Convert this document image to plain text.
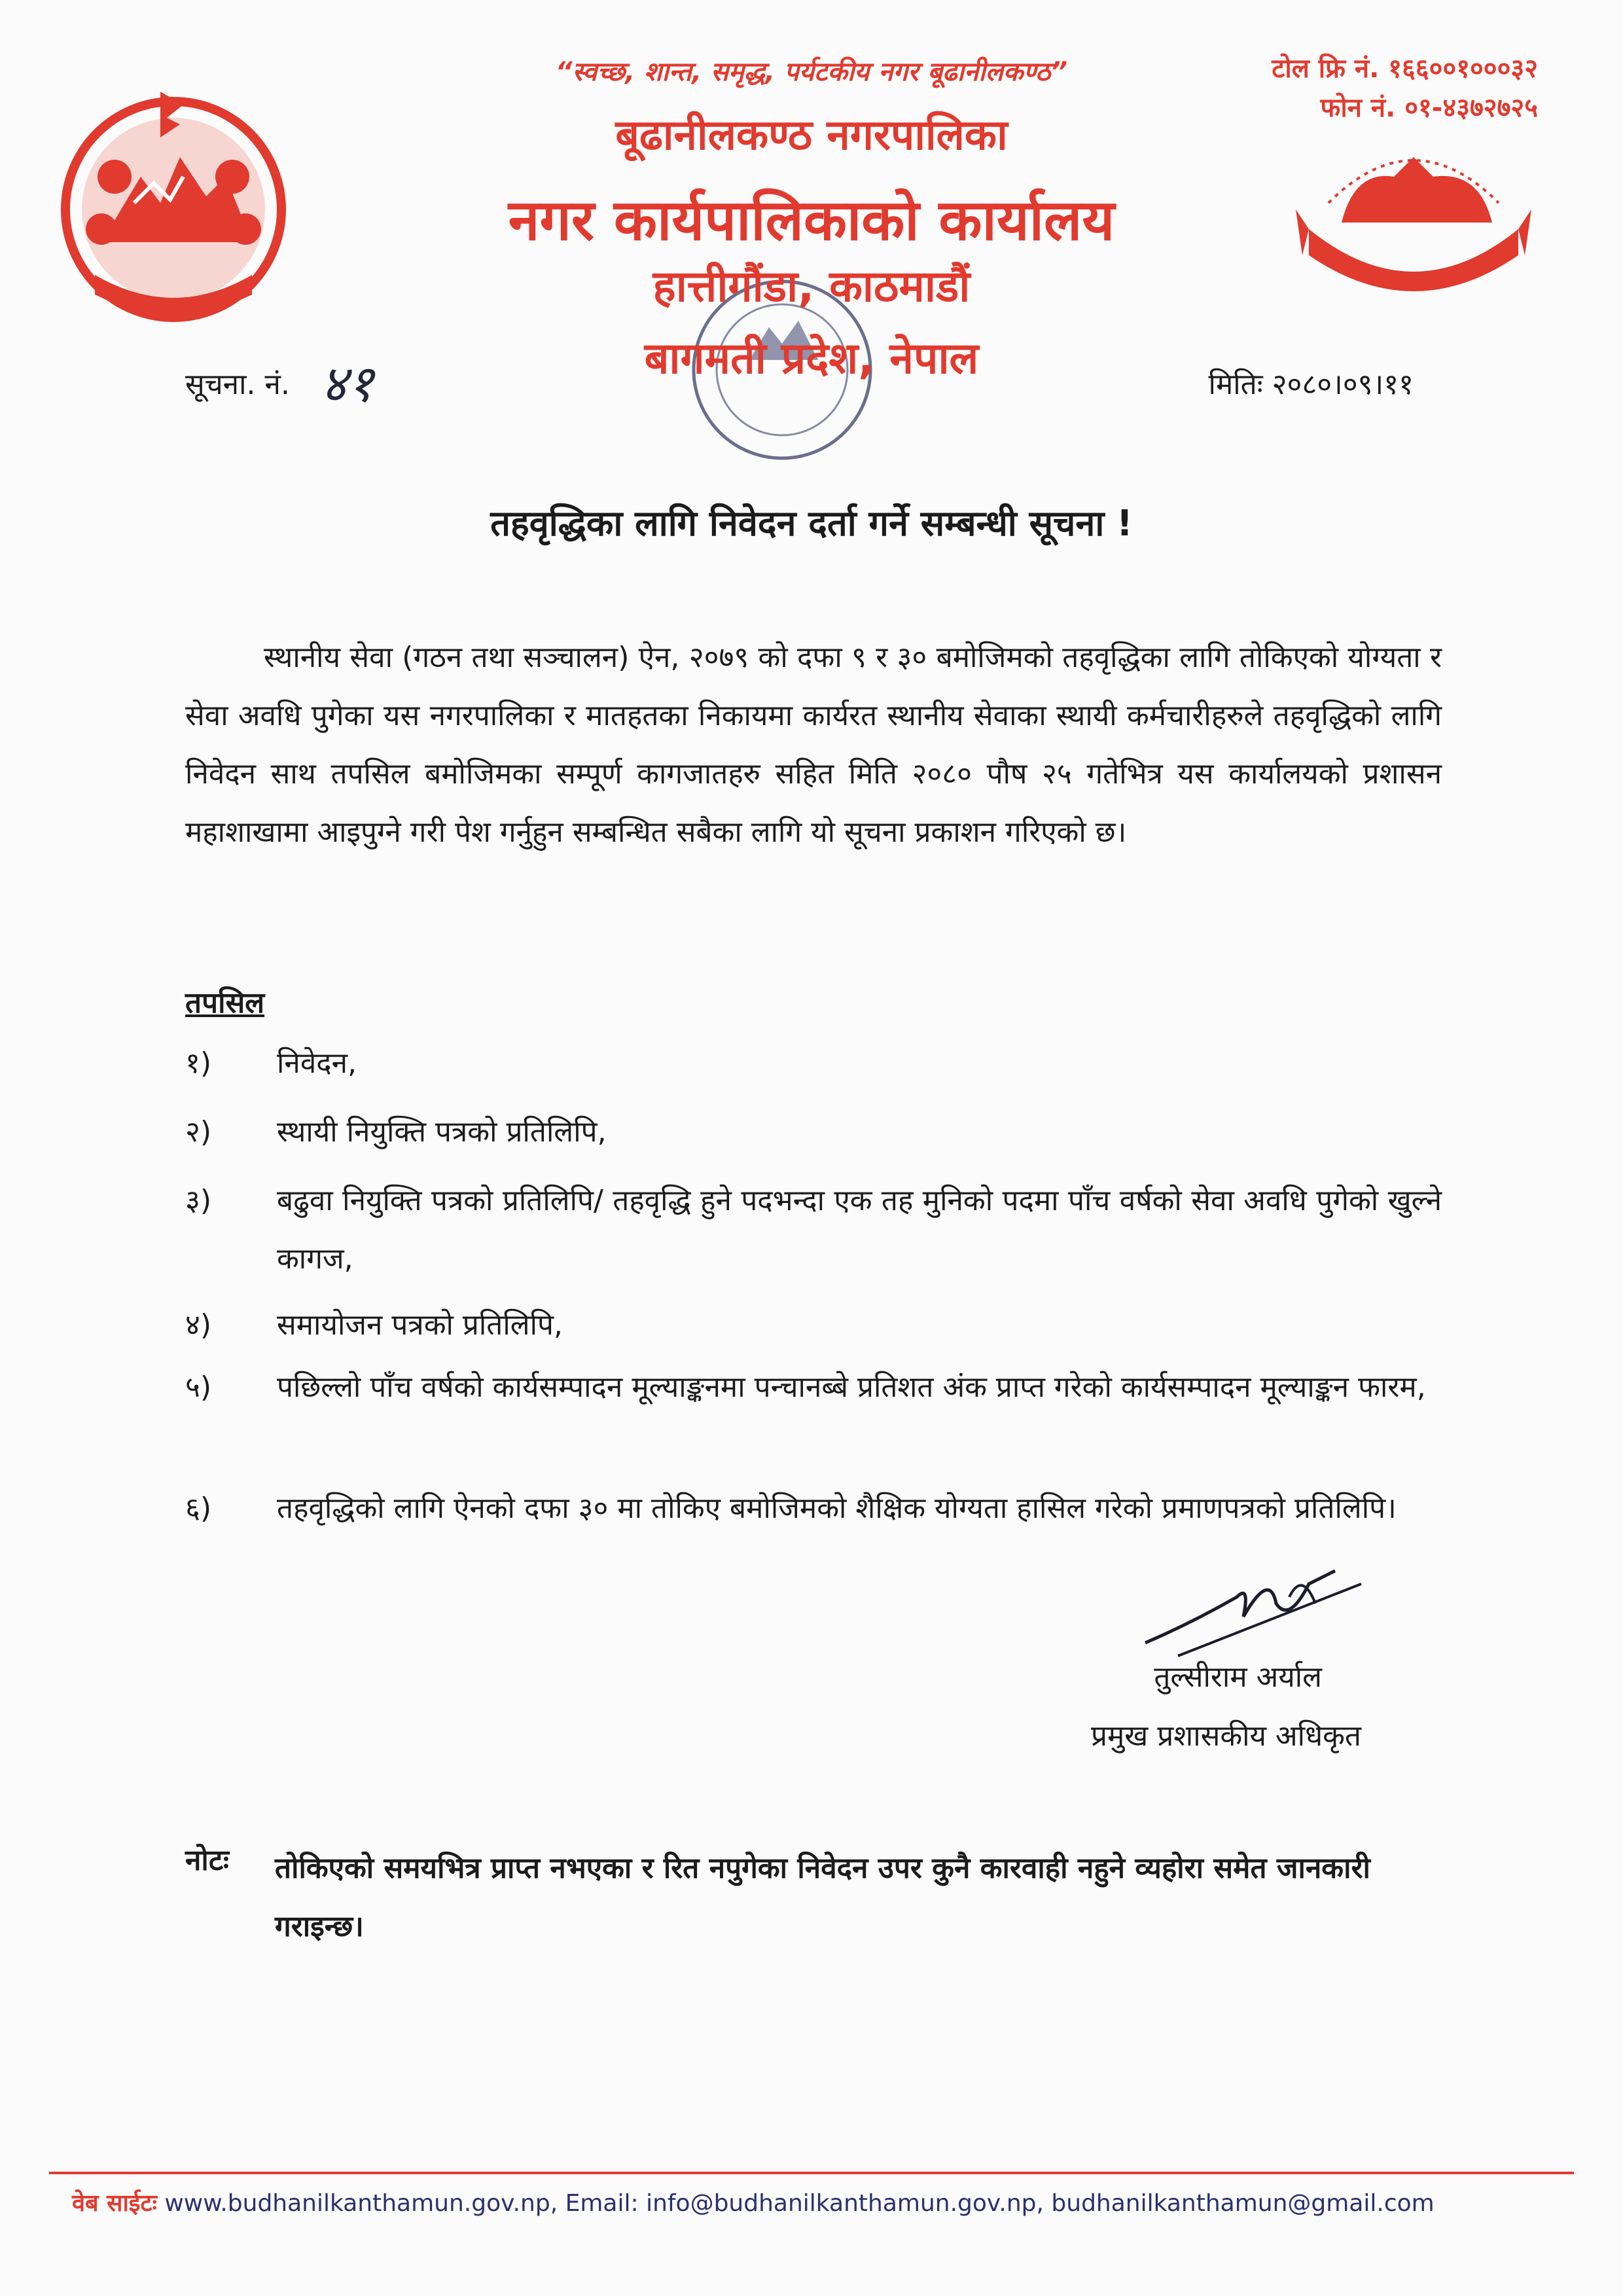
“स्वच्छ, शान्त, समृद्ध, पर्यटकीय नगर बूढानीलकण्ठ”
बूढानीलकण्ठ नगरपालिका
नगर कार्यपालिकाको कार्यालय
हात्तीगौंडा, काठमाडौं
बागमती प्रदेश, नेपाल
टोल फ्रि नं. १६६००१०००३२
फोन नं. ०१-४३७२७२५
सूचना. नं. ४१	मितिः २०८०।०९।११
तहवृद्धिका लागि निवेदन दर्ता गर्ने सम्बन्धी सूचना !
स्थानीय सेवा (गठन तथा सञ्चालन) ऐन, २०७९ को दफा ९ र ३० बमोजिमको तहवृद्धिका लागि तोकिएको योग्यता र सेवा अवधि पुगेका यस नगरपालिका र मातहतका निकायमा कार्यरत स्थानीय सेवाका स्थायी कर्मचारीहरुले तहवृद्धिको लागि निवेदन साथ तपसिल बमोजिमका सम्पूर्ण कागजातहरु सहित मिति २०८० पौष २५ गतेभित्र यस कार्यालयको प्रशासन महाशाखामा आइपुग्ने गरी पेश गर्नुहुन सम्बन्धित सबैका लागि यो सूचना प्रकाशन गरिएको छ।
तपसिल
१)	निवेदन,
२)	स्थायी नियुक्ति पत्रको प्रतिलिपि,
३)	बढुवा नियुक्ति पत्रको प्रतिलिपि/ तहवृद्धि हुने पदभन्दा एक तह मुनिको पदमा पाँच वर्षको सेवा अवधि पुगेको खुल्ने कागज,
४)	समायोजन पत्रको प्रतिलिपि,
५)	पछिल्लो पाँच वर्षको कार्यसम्पादन मूल्याङ्कनमा पन्चानब्बे प्रतिशत अंक प्राप्त गरेको कार्यसम्पादन मूल्याङ्कन फारम,
६)	तहवृद्धिको लागि ऐनको दफा ३० मा तोकिए बमोजिमको शैक्षिक योग्यता हासिल गरेको प्रमाणपत्रको प्रतिलिपि।
तुल्सीराम अर्याल
प्रमुख प्रशासकीय अधिकृत
नोटः तोकिएको समयभित्र प्राप्त नभएका र रित नपुगेका निवेदन उपर कुनै कारवाही नहुने व्यहोरा समेत जानकारी गराइन्छ।
वेब साईटः www.budhanilkanthamun.gov.np, Email: info@budhanilkanthamun.gov.np, budhanilkanthamun@gmail.com
